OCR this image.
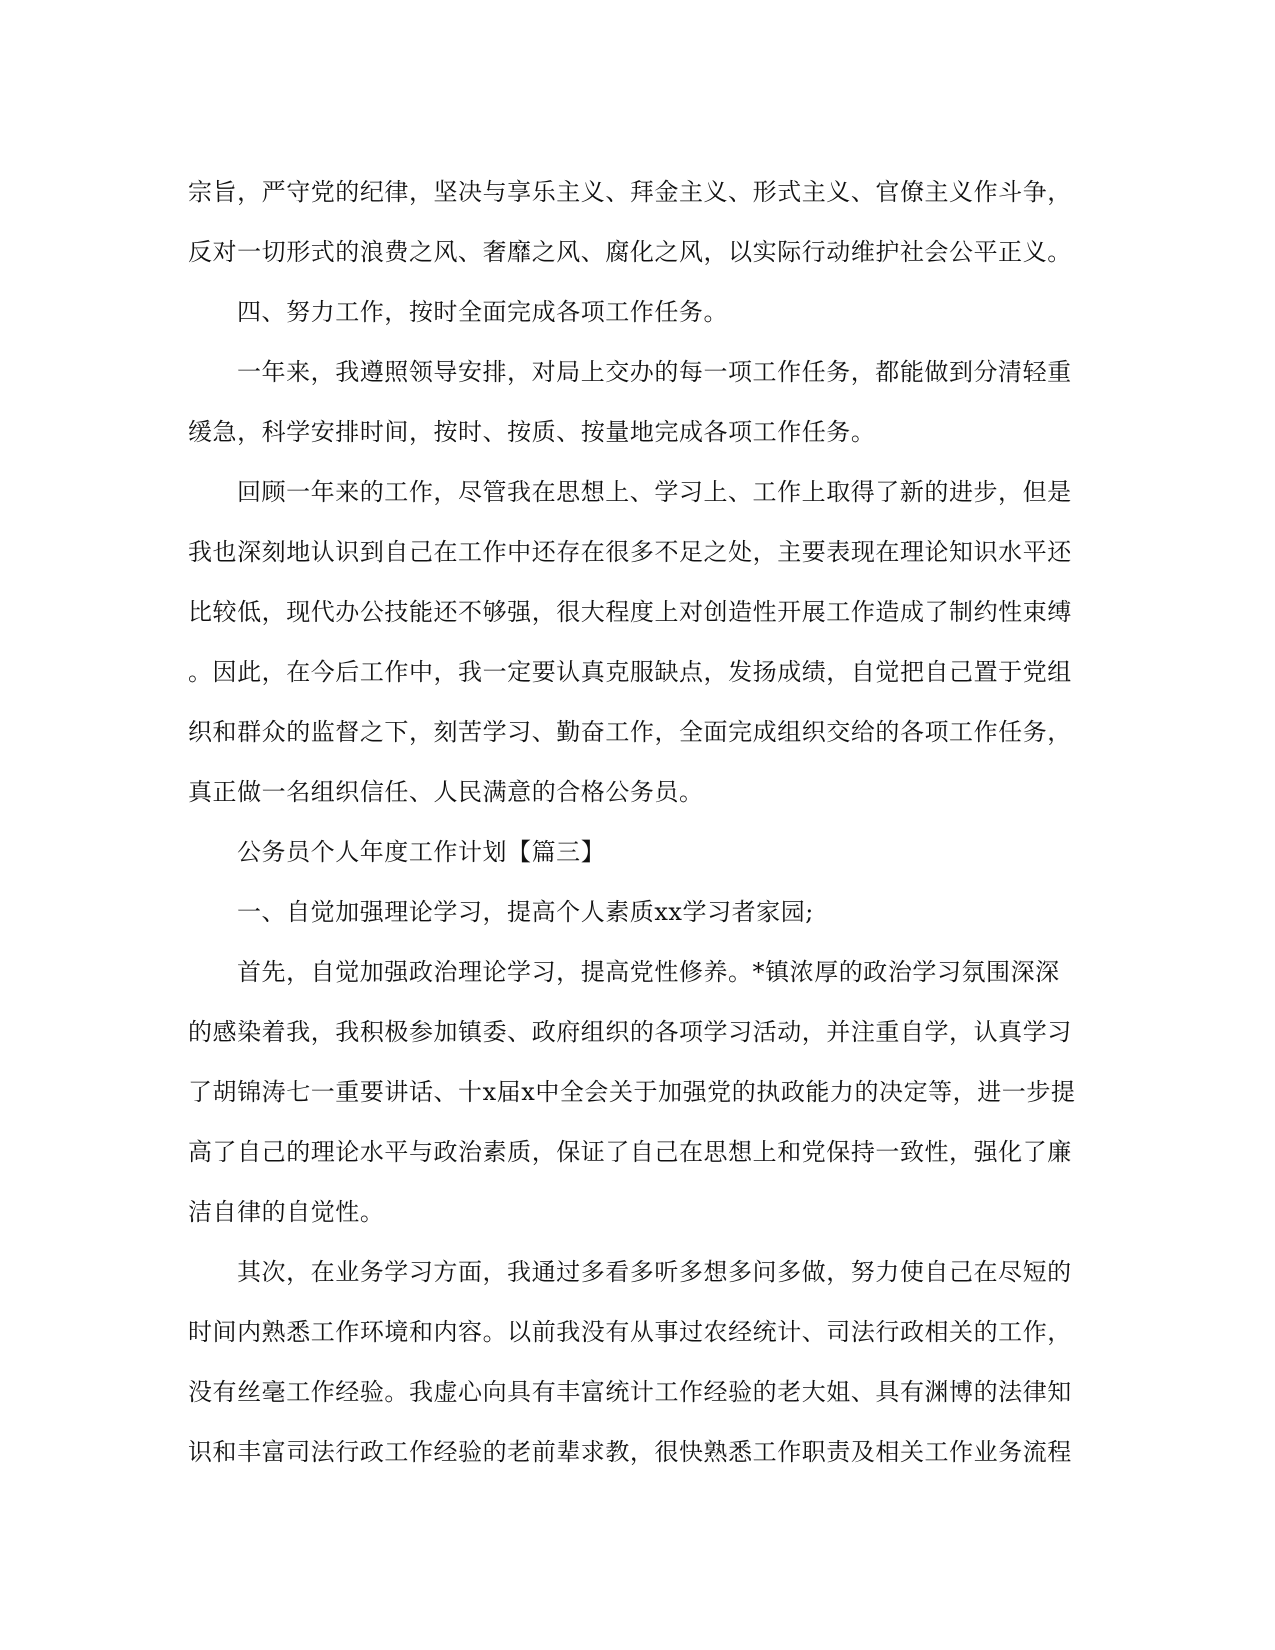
宗旨，严守党的纪律，坚决与享乐主义、拜金主义、形式主义、官僚主义作斗争，
反对一切形式的浪费之风、奢靡之风、腐化之风，以实际行动维护社会公平正义。
四、努力工作，按时全面完成各项工作任务。
一年来，我遵照领导安排，对局上交办的每一项工作任务，都能做到分清轻重
缓急，科学安排时间，按时、按质、按量地完成各项工作任务。
回顾一年来的工作，尽管我在思想上、学习上、工作上取得了新的进步，但是
我也深刻地认识到自己在工作中还存在很多不足之处，主要表现在理论知识水平还
比较低，现代办公技能还不够强，很大程度上对创造性开展工作造成了制约性束缚
。因此，在今后工作中，我一定要认真克服缺点，发扬成绩，自觉把自己置于党组
织和群众的监督之下，刻苦学习、勤奋工作，全面完成组织交给的各项工作任务，
真正做一名组织信任、人民满意的合格公务员。
公务员个人年度工作计划【篇三】
一、自觉加强理论学习，提高个人素质xx学习者家园;
首先，自觉加强政治理论学习，提高党性修养。*镇浓厚的政治学习氛围深深
的感染着我，我积极参加镇委、政府组织的各项学习活动，并注重自学，认真学习
了胡锦涛七一重要讲话、十x届x中全会关于加强党的执政能力的决定等，进一步提
高了自己的理论水平与政治素质，保证了自己在思想上和党保持一致性，强化了廉
洁自律的自觉性。
其次，在业务学习方面，我通过多看多听多想多问多做，努力使自己在尽短的
时间内熟悉工作环境和内容。以前我没有从事过农经统计、司法行政相关的工作，
没有丝毫工作经验。我虚心向具有丰富统计工作经验的老大姐、具有渊博的法律知
识和丰富司法行政工作经验的老前辈求教，很快熟悉工作职责及相关工作业务流程
